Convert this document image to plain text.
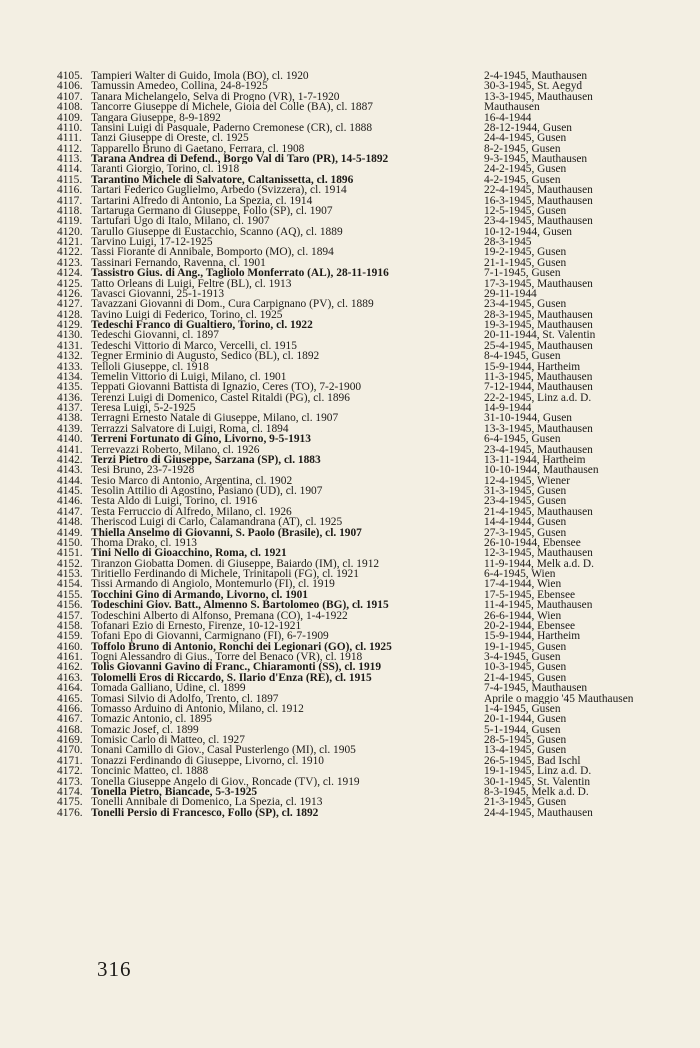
4105. Tampieri Walter di Guido, Imola (BO), cl. 1920	2-4-1945, Mauthausen
4106. Tamussin Amedeo, Collina, 24-8-1925	30-3-1945, St. Aegyd
4107. Tanara Michelangelo, Selva di Progno (VR), 1-7-1920	13-3-1945, Mauthausen
4108. Tancorre Giuseppe di Michele, Gioia del Colle (BA), cl. 1887	Mauthausen
4109. Tangara Giuseppe, 8-9-1892	16-4-1944
4110. Tansini Luigi di Pasquale, Paderno Cremonese (CR), cl. 1888	28-12-1944, Gusen
4111. Tanzi Giuseppe di Oreste, cl. 1925	24-4-1945, Gusen
4112. Tapparello Bruno di Gaetano, Ferrara, cl. 1908	8-2-1945, Gusen
4113. Tarana Andrea di Defend., Borgo Val di Taro (PR), 14-5-1892	9-3-1945, Mauthausen
4114. Taranti Giorgio, Torino, cl. 1918	24-2-1945, Gusen
4115. Tarantino Michele di Salvatore, Caltanissetta, cl. 1896	4-2-1945, Gusen
4116. Tartari Federico Guglielmo, Arbedo (Svizzera), cl. 1914	22-4-1945, Mauthausen
4117. Tartarini Alfredo di Antonio, La Spezia, cl. 1914	16-3-1945, Mauthausen
4118. Tartaruga Germano di Giuseppe, Follo (SP), cl. 1907	12-5-1945, Gusen
4119. Tartufari Ugo di Italo, Milano, cl. 1907	23-4-1945, Mauthausen
4120. Tarullo Giuseppe di Eustacchio, Scanno (AQ), cl. 1889	10-12-1944, Gusen
4121. Tarvino Luigi, 17-12-1925	28-3-1945
4122. Tassi Fiorante di Annibale, Bomporto (MO), cl. 1894	19-2-1945, Gusen
4123. Tassinari Fernando, Ravenna, cl. 1901	21-1-1945, Gusen
4124. Tassistro Gius. di Ang., Tagliolo Monferrato (AL), 28-11-1916	7-1-1945, Gusen
4125. Tatto Orleans di Luigi, Feltre (BL), cl. 1913	17-3-1945, Mauthausen
4126. Tavasci Giovanni, 25-1-1913	29-11-1944
4127. Tavazzani Giovanni di Dom., Cura Carpignano (PV), cl. 1889	23-4-1945, Gusen
4128. Tavino Luigi di Federico, Torino, cl. 1925	28-3-1945, Mauthausen
4129. Tedeschi Franco di Gualtiero, Torino, cl. 1922	19-3-1945, Mauthausen
4130. Tedeschi Giovanni, cl. 1897	20-11-1944, St. Valentin
4131. Tedeschi Vittorio di Marco, Vercelli, cl. 1915	25-4-1945, Mauthausen
4132. Tegner Erminio di Augusto, Sedico (BL), cl. 1892	8-4-1945, Gusen
4133. Telloli Giuseppe, cl. 1918	15-9-1944, Hartheim
4134. Temelin Vittorio di Luigi, Milano, cl. 1901	11-3-1945, Mauthausen
4135. Teppati Giovanni Battista di Ignazio, Ceres (TO), 7-2-1900	7-12-1944, Mauthausen
4136. Terenzi Luigi di Domenico, Castel Ritaldi (PG), cl. 1896	22-2-1945, Linz a.d. D.
4137. Teresa Luigi, 5-2-1925	14-9-1944
4138. Terragni Ernesto Natale di Giuseppe, Milano, cl. 1907	31-10-1944, Gusen
4139. Terrazzi Salvatore di Luigi, Roma, cl. 1894	13-3-1945, Mauthausen
4140. Terreni Fortunato di Gino, Livorno, 9-5-1913	6-4-1945, Gusen
4141. Terrevazzi Roberto, Milano, cl. 1926	23-4-1945, Mauthausen
4142. Terzi Pietro di Giuseppe, Sarzana (SP), cl. 1883	13-11-1944, Hartheim
4143. Tesi Bruno, 23-7-1928	10-10-1944, Mauthausen
4144. Tesio Marco di Antonio, Argentina, cl. 1902	12-4-1945, Wiener
4145. Tesolin Attilio di Agostino, Pasiano (UD), cl. 1907	31-3-1945, Gusen
4146. Testa Aldo di Luigi, Torino, cl. 1916	23-4-1945, Gusen
4147. Testa Ferruccio di Alfredo, Milano, cl. 1926	21-4-1945, Mauthausen
4148. Theriscod Luigi di Carlo, Calamandrana (AT), cl. 1925	14-4-1944, Gusen
4149. Thiella Anselmo di Giovanni, S. Paolo (Brasile), cl. 1907	27-3-1945, Gusen
4150. Thoma Drako, cl. 1913	26-10-1944, Ebensee
4151. Tini Nello di Gioacchino, Roma, cl. 1921	12-3-1945, Mauthausen
4152. Tiranzon Giobatta Domen. di Giuseppe, Baiardo (IM), cl. 1912	11-9-1944, Melk a.d. D.
4153. Tiritiello Ferdinando di Michele, Trinitapoli (FG), cl. 1921	6-4-1945, Wien
4154. Tissi Armando di Angiolo, Montemurlo (FI), cl. 1919	17-4-1944, Wien
4155. Tocchini Gino di Armando, Livorno, cl. 1901	17-5-1945, Ebensee
4156. Todeschini Giov. Batt., Almenno S. Bartolomeo (BG), cl. 1915	11-4-1945, Mauthausen
4157. Todeschini Alberto di Alfonso, Premana (CO), 1-4-1922	26-6-1944, Wien
4158. Tofanari Ezio di Ernesto, Firenze, 10-12-1921	20-2-1944, Ebensee
4159. Tofani Epo di Giovanni, Carmignano (FI), 6-7-1909	15-9-1944, Hartheim
4160. Toffolo Bruno di Antonio, Ronchi dei Legionari (GO), cl. 1925	19-1-1945, Gusen
4161. Togni Alessandro di Gius., Torre del Benaco (VR), cl. 1918	3-4-1945, Gusen
4162. Tolis Giovanni Gavino di Franc., Chiaramonti (SS), cl. 1919	10-3-1945, Gusen
4163. Tolomelli Eros di Riccardo, S. Ilario d'Enza (RE), cl. 1915	21-4-1945, Gusen
4164. Tomada Galliano, Udine, cl. 1899	7-4-1945, Mauthausen
4165. Tomasi Silvio di Adolfo, Trento, cl. 1897	Aprile o maggio '45 Mauthausen
4166. Tomasso Arduino di Antonio, Milano, cl. 1912	1-4-1945, Gusen
4167. Tomazic Antonio, cl. 1895	20-1-1944, Gusen
4168. Tomazic Josef, cl. 1899	5-1-1944, Gusen
4169. Tomisic Carlo di Matteo, cl. 1927	28-5-1945, Gusen
4170. Tonani Camillo di Giov., Casal Pusterlengo (MI), cl. 1905	13-4-1945, Gusen
4171. Tonazzi Ferdinando di Giuseppe, Livorno, cl. 1910	26-5-1945, Bad Ischl
4172. Toncinic Matteo, cl. 1888	19-1-1945, Linz a.d. D.
4173. Tonella Giuseppe Angelo di Giov., Roncade (TV), cl. 1919	30-1-1945, St. Valentin
4174. Tonella Pietro, Biancade, 5-3-1925	8-3-1945, Melk a.d. D.
4175. Tonelli Annibale di Domenico, La Spezia, cl. 1913	21-3-1945, Gusen
4176. Tonelli Persio di Francesco, Follo (SP), cl. 1892	24-4-1945, Mauthausen
316
